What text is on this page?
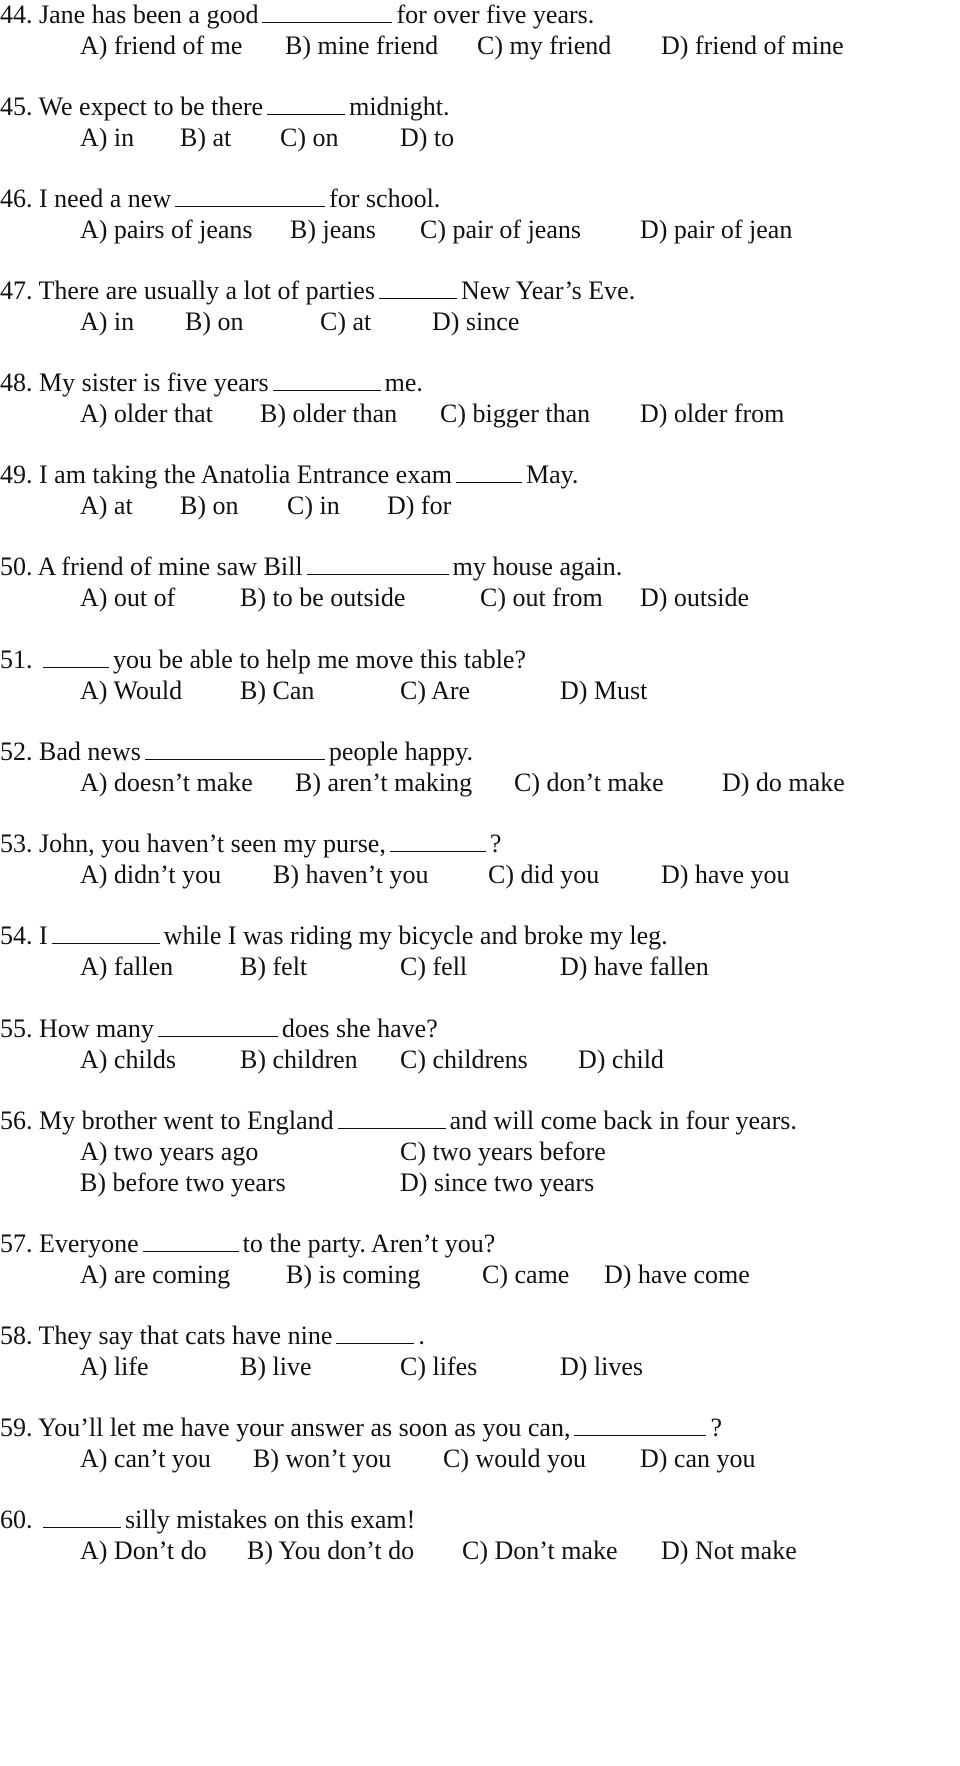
44. Jane has been a good	for over five years.
A) friend of me B) mine friend C) my friend D) friend of mine
45. We expect to be there	midnight.
A) in B) at C) on D) to
46. I need a new	for school.
A) pairs of jeans B) jeans C) pair of jeans D) pair of jean
47. There are usually a lot of parties	New Year’s Eve.
A) in B) on	C) at D) since
48. My sister is five years	me.
A) older that B) older than C) bigger than D) older from
49. I am taking the Anatolia Entrance exam	May.
A) at B) on C) in D) for
50. A friend of mine saw Bill	my house again.
A) out of B) to be outside	C) out from D) outside
51.	you be able to help me move this table?
A) Would B) Can	C) Are	D) Must
52. Bad news	people happy.
A) doesn’t make B) aren’t making C) don’t make D) do make
53. John, you haven’t seen my purse,	?
A) didn’t you B) haven’t you C) did you D) have you
54. I	while I was riding my bicycle and broke my leg.
A) fallen	B) felt	C) fell	D) have fallen
55. How many	does she have?
A) childs B) children C) childrens D) child
56. My brother went to England	and will come back in four years.
A) two years ago	C) two years before
B) before two years	D) since two years
57. Everyone	to the party. Aren’t you?
A) are coming B) is coming C) came D) have come
58. They say that cats have nine	.
A) life	B) live	C) lifes	D) lives
59. You’ll let me have your answer as soon as you can,	?
A) can’t you B) won’t you C) would you D) can you
60.	silly mistakes on this exam!
A) Don’t do B) You don’t do C) Don’t make D) Not make
